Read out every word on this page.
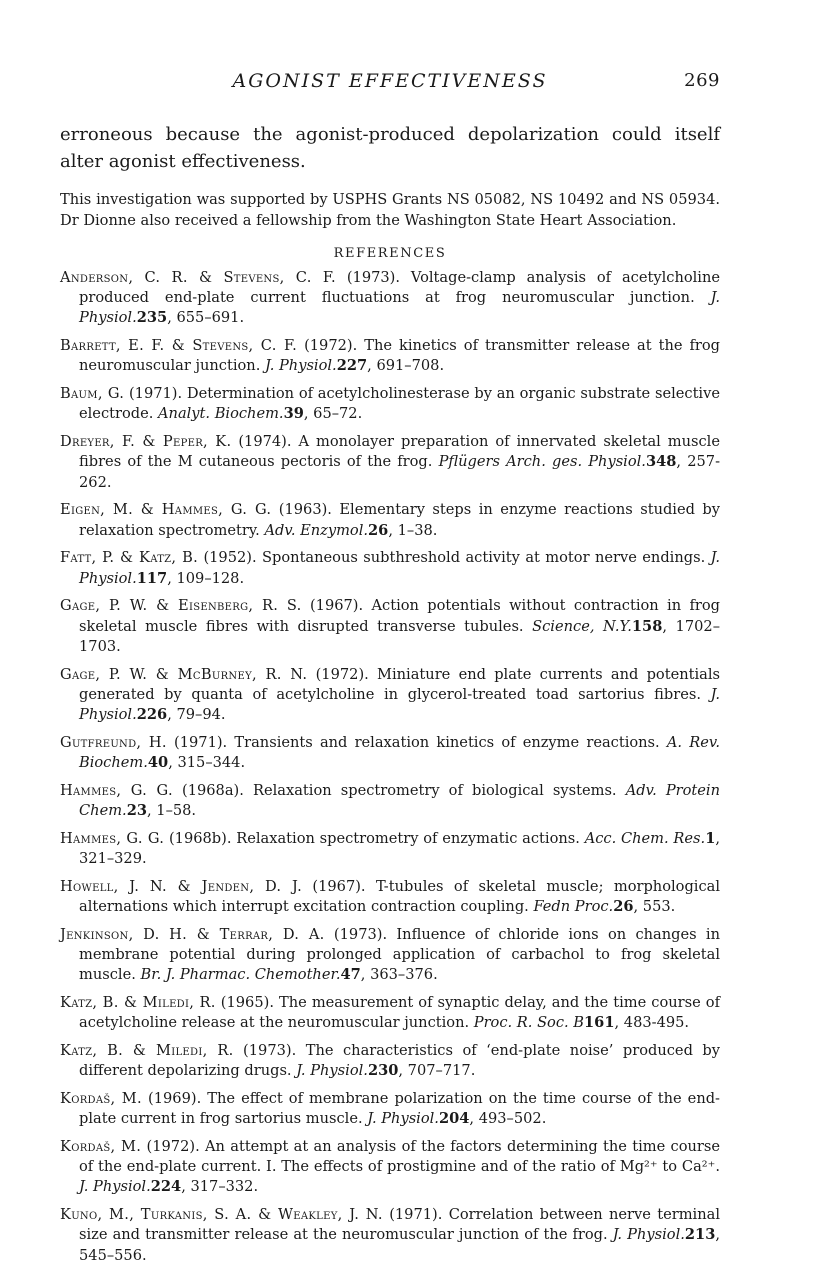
AGONIST EFFECTIVENESS	269

erroneous because the agonist-produced depolarization could itself alter agonist effectiveness.

This investigation was supported by USPHS Grants NS 05082, NS 10492 and NS 05934. Dr Dionne also received a fellowship from the Washington State Heart Association.

REFERENCES
Anderson, C. R. & Stevens, C. F. (1973). Voltage-clamp analysis of acetylcholine produced end-plate current fluctuations at frog neuromuscular junction. J. Physiol.235, 655–691.
Barrett, E. F. & Stevens, C. F. (1972). The kinetics of transmitter release at the frog neuromuscular junction. J. Physiol.227, 691–708.
Baum, G. (1971). Determination of acetylcholinesterase by an organic substrate selective electrode. Analyt. Biochem.39, 65–72.
Dreyer, F. & Peper, K. (1974). A monolayer preparation of innervated skeletal muscle fibres of the M cutaneous pectoris of the frog. Pflügers Arch. ges. Physiol.348, 257-262.
Eigen, M. & Hammes, G. G. (1963). Elementary steps in enzyme reactions studied by relaxation spectrometry. Adv. Enzymol.26, 1–38.
Fatt, P. & Katz, B. (1952). Spontaneous subthreshold activity at motor nerve endings. J. Physiol.117, 109–128.
Gage, P. W. & Eisenberg, R. S. (1967). Action potentials without contraction in frog skeletal muscle fibres with disrupted transverse tubules. Science, N.Y.158, 1702–1703.
Gage, P. W. & McBurney, R. N. (1972). Miniature end plate currents and potentials generated by quanta of acetylcholine in glycerol-treated toad sartorius fibres. J. Physiol.226, 79–94.
Gutfreund, H. (1971). Transients and relaxation kinetics of enzyme reactions. A. Rev. Biochem.40, 315–344.
Hammes, G. G. (1968a). Relaxation spectrometry of biological systems. Adv. Protein Chem.23, 1–58.
Hammes, G. G. (1968b). Relaxation spectrometry of enzymatic actions. Acc. Chem. Res.1, 321–329.
Howell, J. N. & Jenden, D. J. (1967). T-tubules of skeletal muscle; morphological alternations which interrupt excitation contraction coupling. Fedn Proc.26, 553.
Jenkinson, D. H. & Terrar, D. A. (1973). Influence of chloride ions on changes in membrane potential during prolonged application of carbachol to frog skeletal muscle. Br. J. Pharmac. Chemother.47, 363–376.
Katz, B. & Miledi, R. (1965). The measurement of synaptic delay, and the time course of acetylcholine release at the neuromuscular junction. Proc. R. Soc. B161, 483-495.
Katz, B. & Miledi, R. (1973). The characteristics of ‘end-plate noise’ produced by different depolarizing drugs. J. Physiol.230, 707–717.
Kordaš, M. (1969). The effect of membrane polarization on the time course of the end-plate current in frog sartorius muscle. J. Physiol.204, 493–502.
Kordaš, M. (1972). An attempt at an analysis of the factors determining the time course of the end-plate current. I. The effects of prostigmine and of the ratio of Mg²⁺ to Ca²⁺. J. Physiol.224, 317–332.
Kuno, M., Turkanis, S. A. & Weakley, J. N. (1971). Correlation between nerve terminal size and transmitter release at the neuromuscular junction of the frog. J. Physiol.213, 545–556.
